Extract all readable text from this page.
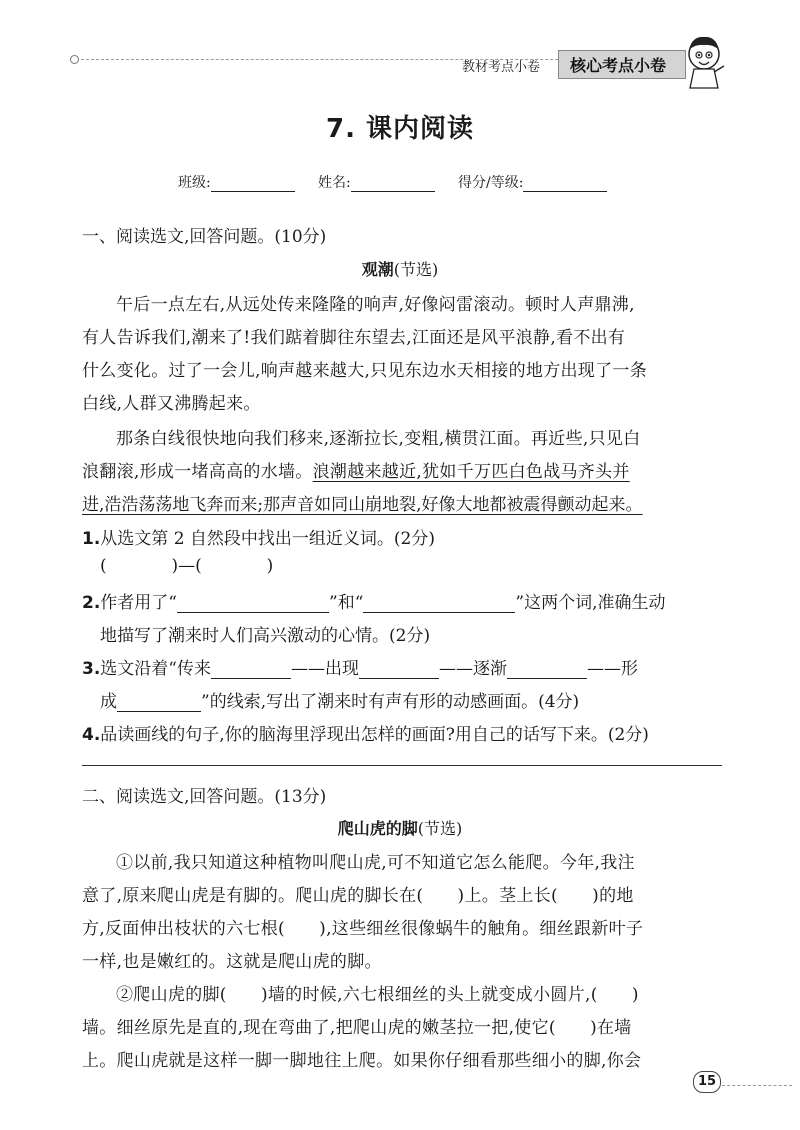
教材考点小卷 核心考点小卷
7. 课内阅读
班级:	姓名:	得分/等级:
一、阅读选文,回答问题。(10分)
观潮(节选)
午后一点左右,从远处传来隆隆的响声,好像闷雷滚动。顿时人声鼎沸,
有人告诉我们,潮来了!我们踮着脚往东望去,江面还是风平浪静,看不出有
什么变化。过了一会儿,响声越来越大,只见东边水天相接的地方出现了一条
白线,人群又沸腾起来。
那条白线很快地向我们移来,逐渐拉长,变粗,横贯江面。再近些,只见白
浪翻滚,形成一堵高高的水墙。浪潮越来越近,犹如千万匹白色战马齐头并
进,浩浩荡荡地飞奔而来;那声音如同山崩地裂,好像大地都被震得颤动起来。
1.从选文第 2 自然段中找出一组近义词。(2分)
(            )—(            )
2.作者用了“	”和“	”这两个词,准确生动
地描写了潮来时人们高兴激动的心情。(2分)
3.选文沿着“传来	——出现	——逐渐	——形
成	”的线索,写出了潮来时有声有形的动感画面。(4分)
4.品读画线的句子,你的脑海里浮现出怎样的画面?用自己的话写下来。(2分)
二、阅读选文,回答问题。(13分)
爬山虎的脚(节选)
①以前,我只知道这种植物叫爬山虎,可不知道它怎么能爬。今年,我注
意了,原来爬山虎是有脚的。爬山虎的脚长在(      )上。茎上长(      )的地
方,反面伸出枝状的六七根(      ),这些细丝很像蜗牛的触角。细丝跟新叶子
一样,也是嫩红的。这就是爬山虎的脚。
②爬山虎的脚(      )墙的时候,六七根细丝的头上就变成小圆片,(      )
墙。细丝原先是直的,现在弯曲了,把爬山虎的嫩茎拉一把,使它(      )在墙
上。爬山虎就是这样一脚一脚地往上爬。如果你仔细看那些细小的脚,你会
15
